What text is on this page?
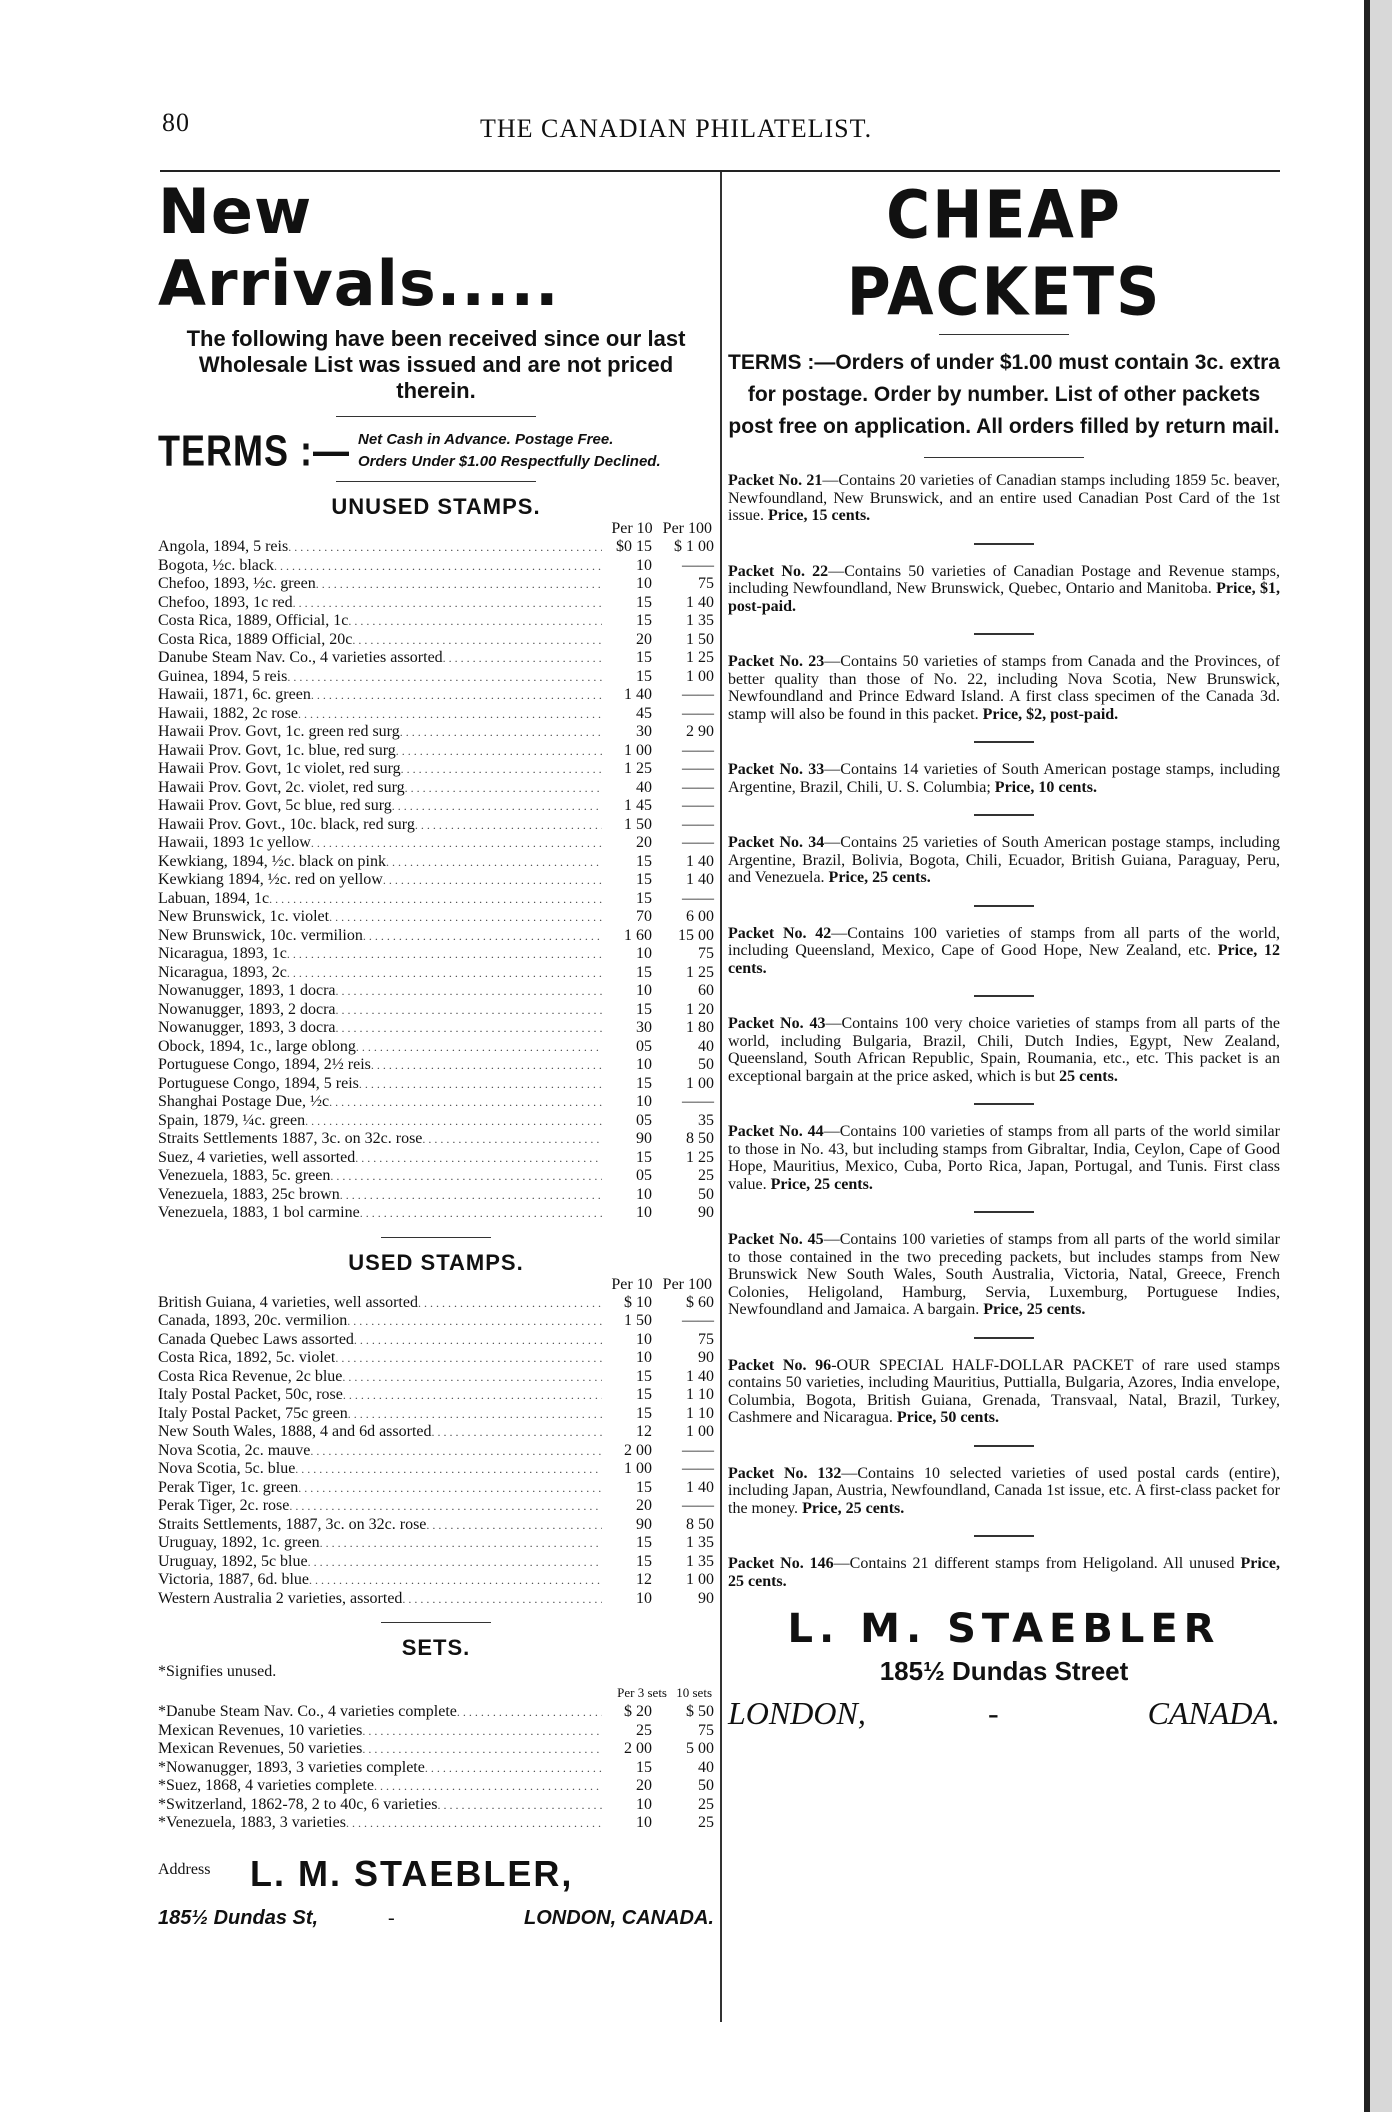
80	THE CANADIAN PHILATELIST.
New Arrivals.....

The following have been received since our last Wholesale List was issued and are not priced therein.

TERMS :— Net Cash in Advance. Postage Free.
Orders Under $1.00 Respectfully Declined.
UNUSED STAMPS.
Per 10 Per 100
Angola, 1894, 5 reis . . .	$0 15	$ 1 00
Bogota, ½c. black . . .	10	——
Chefoo, 1893, ½c. green . . .	10	75
Chefoo, 1893, 1c red . . .	15	1 40
Costa Rica, 1889, Official, 1c . . .	15	1 35
Costa Rica, 1889 Official, 20c . . .	20	1 50
Danube Steam Nav. Co., 4 varieties assorted . . .	15	1 25
Guinea, 1894, 5 reis . . .	15	1 00
Hawaii, 1871, 6c. green . . .	1 40	——
Hawaii, 1882, 2c rose . . .	45	——
Hawaii Prov. Govt, 1c. green red surg . . .	30	2 90
Hawaii Prov. Govt, 1c. blue, red surg . . .	1 00	——
Hawaii Prov. Govt, 1c violet, red surg . . .	1 25	——
Hawaii Prov. Govt, 2c. violet, red surg . . .	40	——
Hawaii Prov. Govt, 5c blue, red surg . . .	1 45	——
Hawaii Prov. Govt., 10c. black, red surg . . .	1 50	——
Hawaii, 1893 1c yellow . . .	20	——
Kewkiang, 1894, ½c. black on pink . . .	15	1 40
Kewkiang 1894, ½c. red on yellow . . .	15	1 40
Labuan, 1894, 1c . . .	15	——
New Brunswick, 1c. violet . . .	70	6 00
New Brunswick, 10c. vermilion . . .	1 60	15 00
Nicaragua, 1893, 1c . . .	10	75
Nicaragua, 1893, 2c . . .	15	1 25
Nowanugger, 1893, 1 docra . . .	10	60
Nowanugger, 1893, 2 docra . . .	15	1 20
Nowanugger, 1893, 3 docra . . .	30	1 80
Obock, 1894, 1c., large oblong . . .	05	40
Portuguese Congo, 1894, 2½ reis . . .	10	50
Portuguese Congo, 1894, 5 reis . . .	15	1 00
Shanghai Postage Due, ½c . . .	10	——
Spain, 1879, ¼c. green . . .	05	35
Straits Settlements 1887, 3c. on 32c. rose . . .	90	8 50
Suez, 4 varieties, well assorted . . .	15	1 25
Venezuela, 1883, 5c. green . . .	05	25
Venezuela, 1883, 25c brown . . .	10	50
Venezuela, 1883, 1 bol carmine . . .	10	90
USED STAMPS.
Per 10 Per 100
British Guiana, 4 varieties, well assorted . . .	$ 10	$ 60
Canada, 1893, 20c. vermilion . . .	1 50	——
Canada Quebec Laws assorted . . .	10	75
Costa Rica, 1892, 5c. violet . . .	10	90
Costa Rica Revenue, 2c blue . . .	15	1 40
Italy Postal Packet, 50c, rose . . .	15	1 10
Italy Postal Packet, 75c green . . .	15	1 10
New South Wales, 1888, 4 and 6d assorted . . .	12	1 00
Nova Scotia, 2c. mauve . . .	2 00	——
Nova Scotia, 5c. blue . . .	1 00	——
Perak Tiger, 1c. green . . .	15	1 40
Perak Tiger, 2c. rose . . .	20	——
Straits Settlements, 1887, 3c. on 32c. rose . . .	90	8 50
Uruguay, 1892, 1c. green . . .	15	1 35
Uruguay, 1892, 5c blue . . .	15	1 35
Victoria, 1887, 6d. blue . . .	12	1 00
Western Australia 2 varieties, assorted . . .	10	90
SETS.
*Signifies unused.
Per 3 sets 10 sets
*Danube Steam Nav. Co., 4 varieties complete . . .	$ 20	$ 50
Mexican Revenues, 10 varieties . . .	25	75
Mexican Revenues, 50 varieties . . .	2 00	5 00
*Nowanugger, 1893, 3 varieties complete . . .	15	40
*Suez, 1868, 4 varieties complete . . .	20	50
*Switzerland, 1862-78, 2 to 40c, 6 varieties . . .	10	25
*Venezuela, 1883, 3 varieties . . .	10	25
Address L. M. STAEBLER,
185½ Dundas St,	-	LONDON, CANADA.
CHEAP PACKETS
TERMS :—Orders of under $1.00 must contain 3c. extra for postage. Order by number. List of other packets post free on application. All orders filled by return mail.

Packet No. 21—Contains 20 varieties of Canadian stamps including 1859 5c. beaver, Newfoundland, New Brunswick, and an entire used Canadian Post Card of the 1st issue. Price, 15 cents.

Packet No. 22—Contains 50 varieties of Canadian Postage and Revenue stamps, including Newfoundland, New Brunswick, Quebec, Ontario and Manitoba. Price, $1, post-paid.

Packet No. 23—Contains 50 varieties of stamps from Canada and the Provinces, of better quality than those of No. 22, including Nova Scotia, New Brunswick, Newfoundland and Prince Edward Island. A first class specimen of the Canada 3d. stamp will also be found in this packet. Price, $2, post-paid.

Packet No. 33—Contains 14 varieties of South American postage stamps, including Argentine, Brazil, Chili, U. S. Columbia; Price, 10 cents.

Packet No. 34—Contains 25 varieties of South American postage stamps, including Argentine, Brazil, Bolivia, Bogota, Chili, Ecuador, British Guiana, Paraguay, Peru, and Venezuela. Price, 25 cents.

Packet No. 42—Contains 100 varieties of stamps from all parts of the world, including Queensland, Mexico, Cape of Good Hope, New Zealand, etc. Price, 12 cents.

Packet No. 43—Contains 100 very choice varieties of stamps from all parts of the world, including Bulgaria, Brazil, Chili, Dutch Indies, Egypt, New Zealand, Queensland, South African Republic, Spain, Roumania, etc., etc. This packet is an exceptional bargain at the price asked, which is but 25 cents.

Packet No. 44—Contains 100 varieties of stamps from all parts of the world similar to those in No. 43, but including stamps from Gibraltar, India, Ceylon, Cape of Good Hope, Mauritius, Mexico, Cuba, Porto Rica, Japan, Portugal, and Tunis. First class value. Price, 25 cents.

Packet No. 45—Contains 100 varieties of stamps from all parts of the world similar to those contained in the two preceding packets, but includes stamps from New Brunswick New South Wales, South Australia, Victoria, Natal, Greece, French Colonies, Heligoland, Hamburg, Servia, Luxemburg, Portuguese Indies, Newfoundland and Jamaica. A bargain. Price, 25 cents.

Packet No. 96-OUR SPECIAL HALF-DOLLAR PACKET of rare used stamps contains 50 varieties, including Mauritius, Puttialla, Bulgaria, Azores, India envelope, Columbia, Bogota, British Guiana, Grenada, Transvaal, Natal, Brazil, Turkey, Cashmere and Nicaragua. Price, 50 cents.

Packet No. 132—Contains 10 selected varieties of used postal cards (entire), including Japan, Austria, Newfoundland, Canada 1st issue, etc. A first-class packet for the money. Price, 25 cents.

Packet No. 146—Contains 21 different stamps from Heligoland. All unused Price, 25 cents.

L. M. STAEBLER
185½ Dundas Street
LONDON,	-	CANADA.
